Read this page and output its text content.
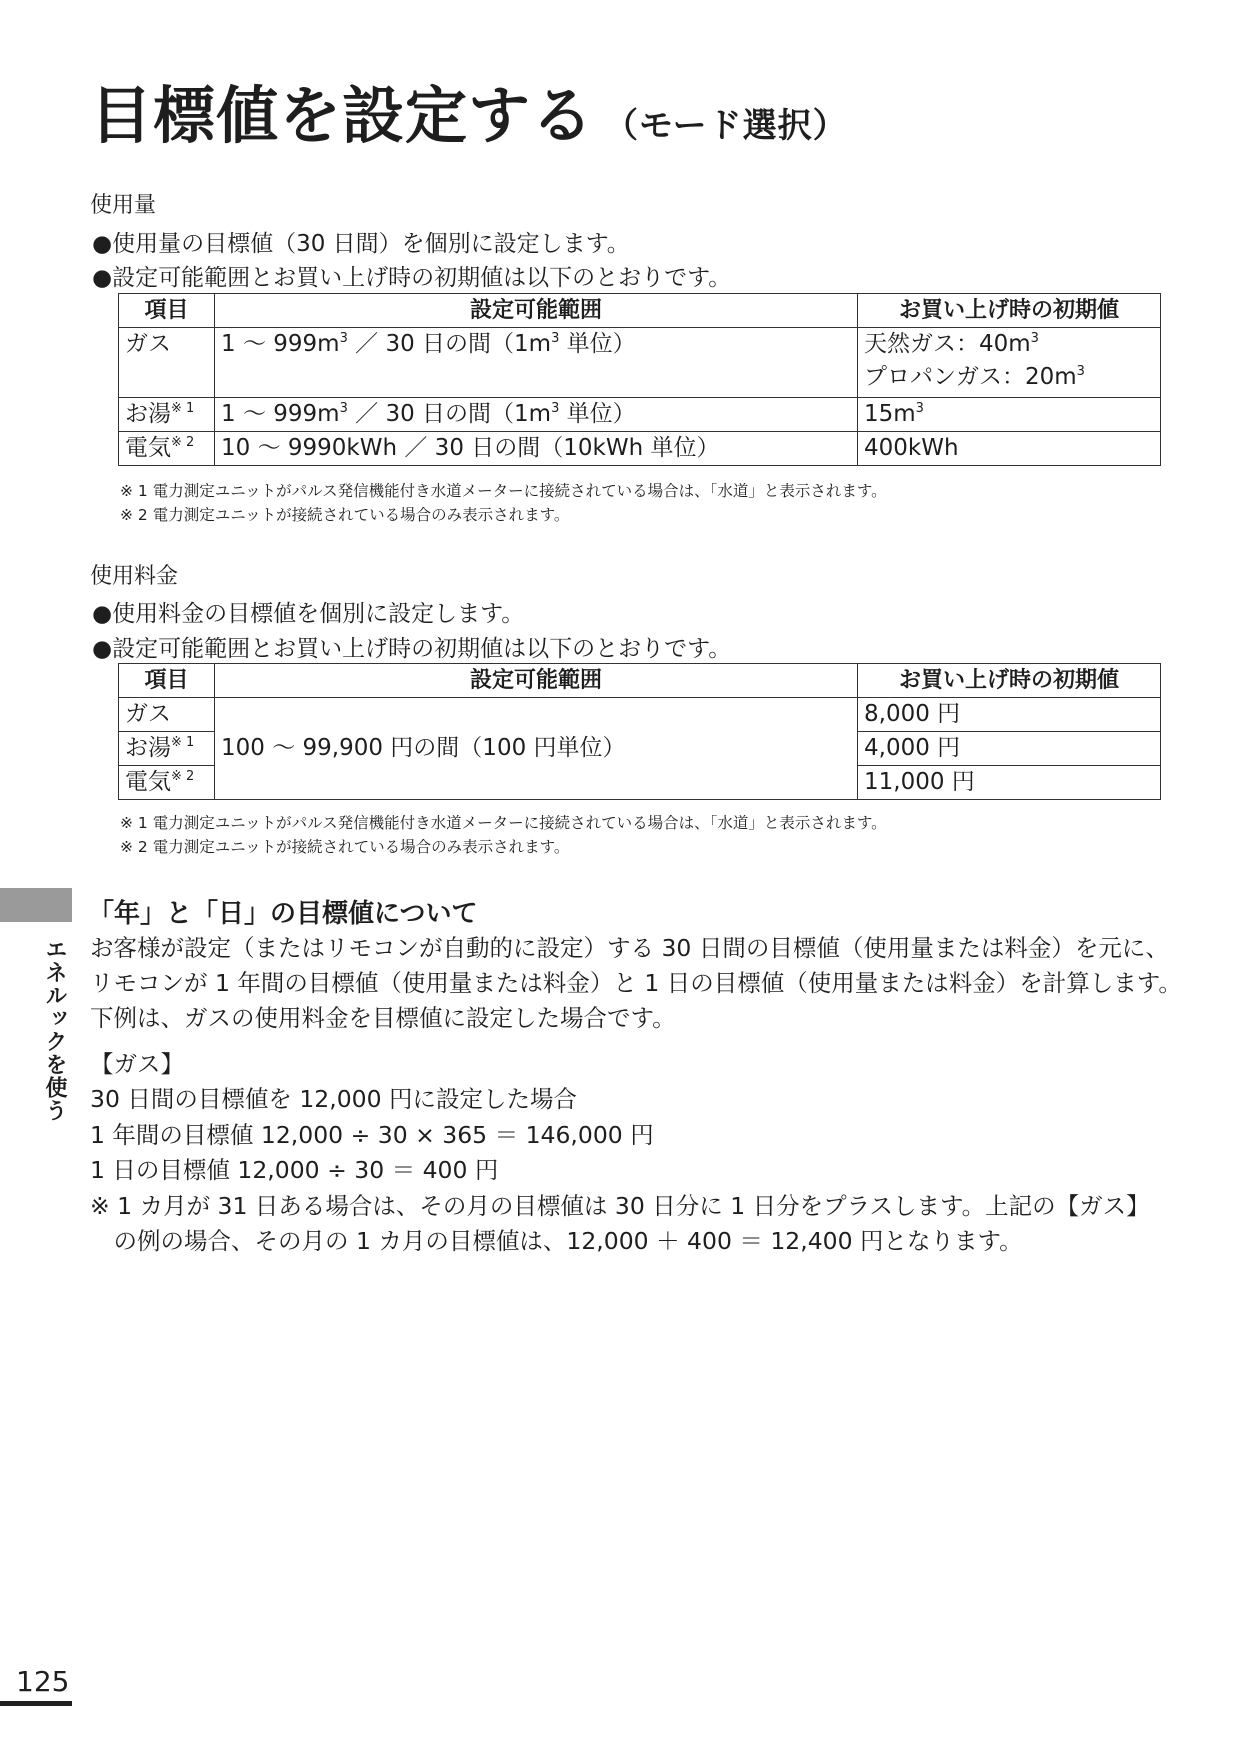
目標値を設定する （モード選択）
使用量
●使用量の目標値（30 日間）を個別に設定します。
●設定可能範囲とお買い上げ時の初期値は以下のとおりです。
項目	設定可能範囲	お買い上げ時の初期値
ガス	1 ～ $999m^3$ ／ 30 日の間（$1m^3$ 単位）	天然ガス：$40m^3$
プロパンガス：$20m^3$

お湯$^{※ 1}$	1 ～ $999m^3$ ／ 30 日の間（$1m^3$ 単位）	$15m^3$
電気$^{※ 2}$	10 ～ 9990kWh ／ 30 日の間（10kWh 単位）	400kWh
※ 1 電力測定ユニットがパルス発信機能付き水道メーターに接続されている場合は、「水道」と表示されます。
※ 2 電力測定ユニットが接続されている場合のみ表示されます。
使用料金
●使用料金の目標値を個別に設定します。
●設定可能範囲とお買い上げ時の初期値は以下のとおりです。
項目	設定可能範囲	お買い上げ時の初期値
ガス	100 ～ 99,900 円の間（100 円単位）	8,000 円
お湯$^{※ 1}$		4,000 円
電気$^{※ 2}$		11,000 円
※ 1 電力測定ユニットがパルス発信機能付き水道メーターに接続されている場合は、「水道」と表示されます。
※ 2 電力測定ユニットが接続されている場合のみ表示されます。
「年」と「日」の目標値について
お客様が設定（またはリモコンが自動的に設定）する 30 日間の目標値（使用量または料金）を元に、
リモコンが 1 年間の目標値（使用量または料金）と 1 日の目標値（使用量または料金）を計算します。
下例は、ガスの使用料金を目標値に設定した場合です。
【ガス】
30 日間の目標値を 12,000 円に設定した場合
1 年間の目標値 12,000 ÷ 30 × 365 ＝ 146,000 円
1 日の目標値 12,000 ÷ 30 ＝ 400 円
※ 1 カ月が 31 日ある場合は、その月の目標値は 30 日分に 1 日分をプラスします。上記の【ガス】
　の例の場合、その月の 1 カ月の目標値は、12,000 ＋ 400 ＝ 12,400 円となります。
エネルックを使う
125
